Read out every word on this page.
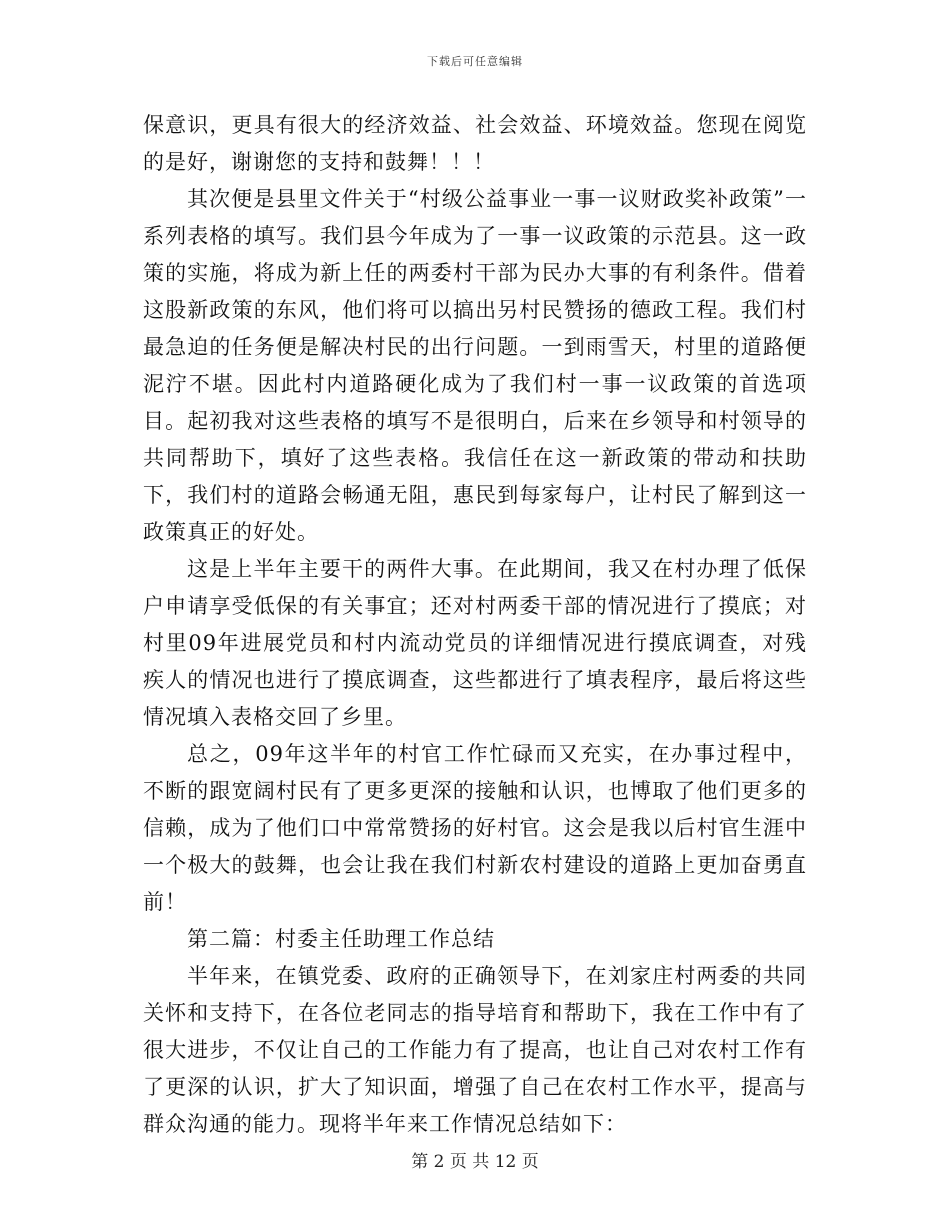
下载后可任意编辑

保意识，更具有很大的经济效益、社会效益、环境效益。您现在阅览的是好，谢谢您的支持和鼓舞！！！

其次便是县里文件关于“村级公益事业一事一议财政奖补政策”一系列表格的填写。我们县今年成为了一事一议政策的示范县。这一政策的实施，将成为新上任的两委村干部为民办大事的有利条件。借着这股新政策的东风，他们将可以搞出另村民赞扬的德政工程。我们村最急迫的任务便是解决村民的出行问题。一到雨雪天，村里的道路便泥泞不堪。因此村内道路硬化成为了我们村一事一议政策的首选项目。起初我对这些表格的填写不是很明白，后来在乡领导和村领导的共同帮助下，填好了这些表格。我信任在这一新政策的带动和扶助下，我们村的道路会畅通无阻，惠民到每家每户，让村民了解到这一政策真正的好处。

这是上半年主要干的两件大事。在此期间，我又在村办理了低保户申请享受低保的有关事宜；还对村两委干部的情况进行了摸底；对村里09年进展党员和村内流动党员的详细情况进行摸底调查，对残疾人的情况也进行了摸底调查，这些都进行了填表程序，最后将这些情况填入表格交回了乡里。

总之，09年这半年的村官工作忙碌而又充实，在办事过程中，不断的跟宽阔村民有了更多更深的接触和认识，也博取了他们更多的信赖，成为了他们口中常常赞扬的好村官。这会是我以后村官生涯中一个极大的鼓舞，也会让我在我们村新农村建设的道路上更加奋勇直前！

第二篇：村委主任助理工作总结

半年来，在镇党委、政府的正确领导下，在刘家庄村两委的共同关怀和支持下，在各位老同志的指导培育和帮助下，我在工作中有了很大进步，不仅让自己的工作能力有了提高，也让自己对农村工作有了更深的认识，扩大了知识面，增强了自己在农村工作水平，提高与群众沟通的能力。现将半年来工作情况总结如下：

第 2 页 共 12 页
